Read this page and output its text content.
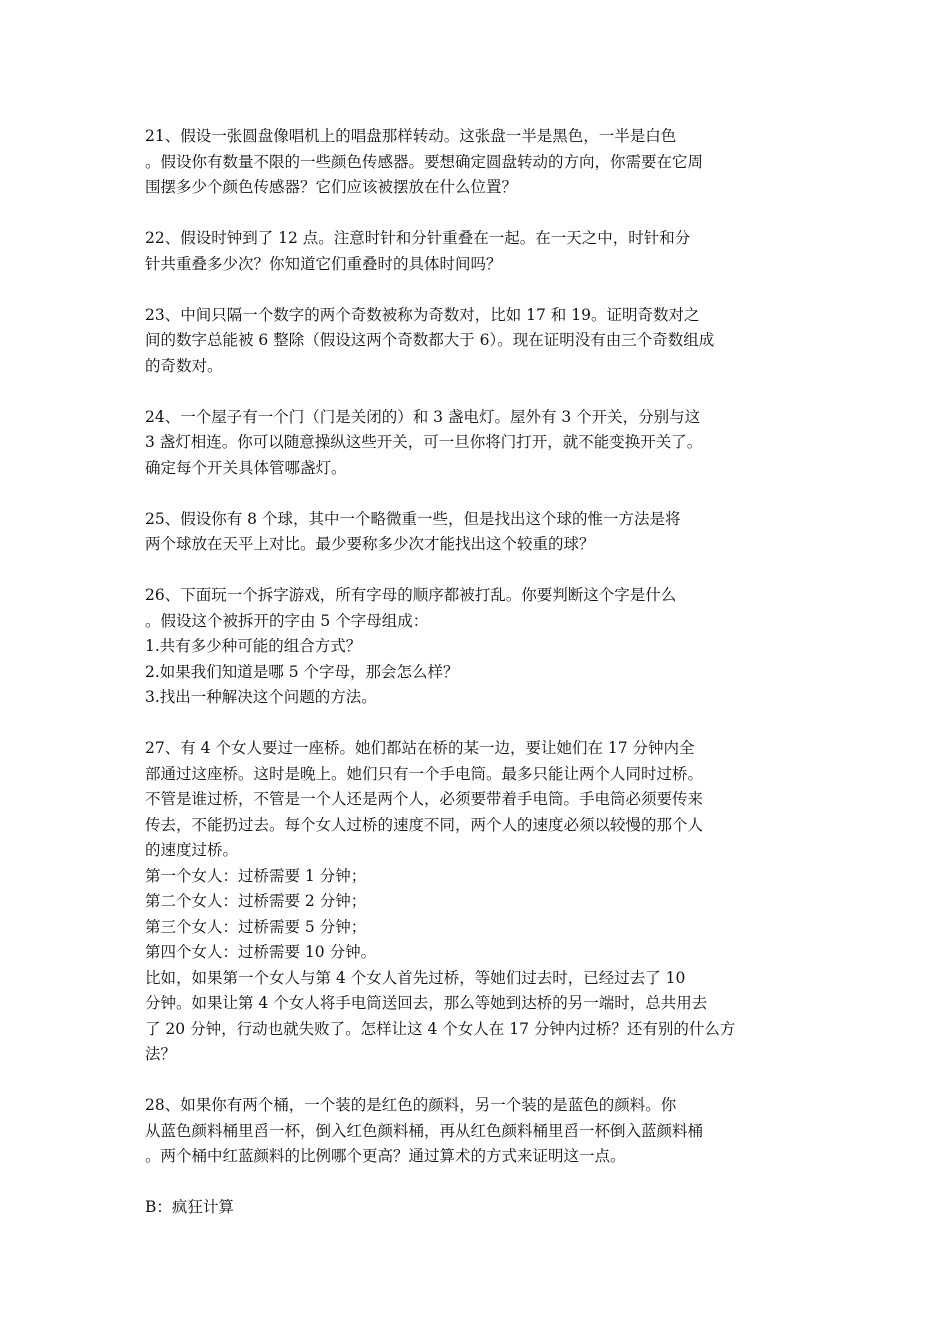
21、假设一张圆盘像唱机上的唱盘那样转动。这张盘一半是黑色，一半是白色
。假设你有数量不限的一些颜色传感器。要想确定圆盘转动的方向，你需要在它周
围摆多少个颜色传感器？它们应该被摆放在什么位置？
22、假设时钟到了 12 点。注意时针和分针重叠在一起。在一天之中，时针和分
针共重叠多少次？你知道它们重叠时的具体时间吗？
23、中间只隔一个数字的两个奇数被称为奇数对，比如 17 和 19。证明奇数对之
间的数字总能被 6 整除（假设这两个奇数都大于 6）。现在证明没有由三个奇数组成
的奇数对。
24、一个屋子有一个门（门是关闭的）和 3 盏电灯。屋外有 3 个开关，分别与这
3 盏灯相连。你可以随意操纵这些开关，可一旦你将门打开，就不能变换开关了。
确定每个开关具体管哪盏灯。
25、假设你有 8 个球，其中一个略微重一些，但是找出这个球的惟一方法是将
两个球放在天平上对比。最少要称多少次才能找出这个较重的球？
26、下面玩一个拆字游戏，所有字母的顺序都被打乱。你要判断这个字是什么
。假设这个被拆开的字由 5 个字母组成：
1.共有多少种可能的组合方式？
2.如果我们知道是哪 5 个字母，那会怎么样？
3.找出一种解决这个问题的方法。
27、有 4 个女人要过一座桥。她们都站在桥的某一边，要让她们在 17 分钟内全
部通过这座桥。这时是晚上。她们只有一个手电筒。最多只能让两个人同时过桥。
不管是谁过桥，不管是一个人还是两个人，必须要带着手电筒。手电筒必须要传来
传去，不能扔过去。每个女人过桥的速度不同，两个人的速度必须以较慢的那个人
的速度过桥。
第一个女人：过桥需要 1 分钟；
第二个女人：过桥需要 2 分钟；
第三个女人：过桥需要 5 分钟；
第四个女人：过桥需要 10 分钟。
比如，如果第一个女人与第 4 个女人首先过桥，等她们过去时，已经过去了 10
分钟。如果让第 4 个女人将手电筒送回去，那么等她到达桥的另一端时，总共用去
了 20 分钟，行动也就失败了。怎样让这 4 个女人在 17 分钟内过桥？还有别的什么方
法？
28、如果你有两个桶，一个装的是红色的颜料，另一个装的是蓝色的颜料。你
从蓝色颜料桶里舀一杯，倒入红色颜料桶，再从红色颜料桶里舀一杯倒入蓝颜料桶
。两个桶中红蓝颜料的比例哪个更高？通过算术的方式来证明这一点。
B：疯狂计算
